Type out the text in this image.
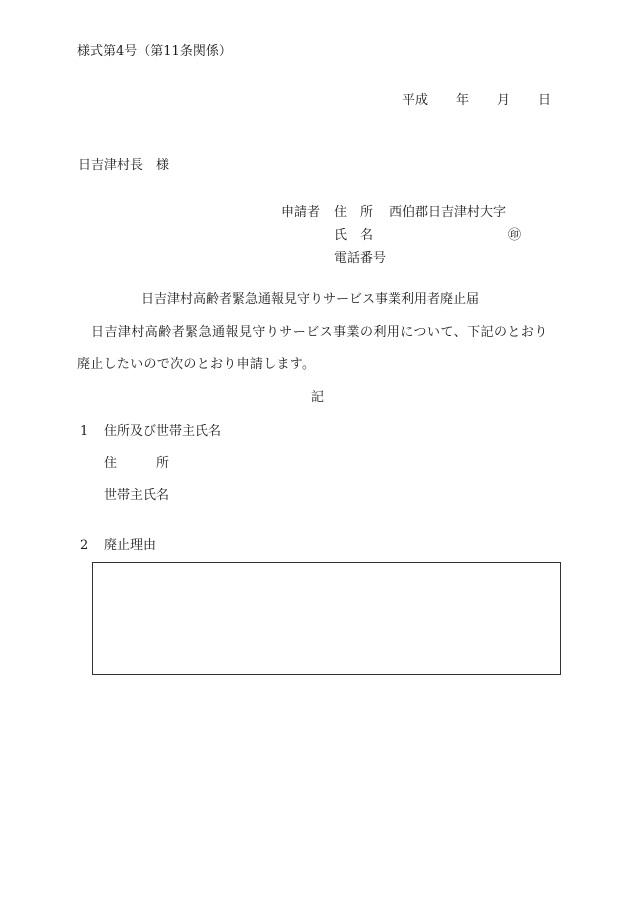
様式第4号（第11条関係）
平成 年 月 日
日吉津村長　様
申請者 住　所 西伯郡日吉津村大字
氏　名	㊞
電話番号
日吉津村高齢者緊急通報見守りサービス事業利用者廃止届
日吉津村高齢者緊急通報見守りサービス事業の利用について、下記のとおり
廃止したいので次のとおり申請します。
記
1 住所及び世帯主氏名
住　　　所
世帯主氏名
2 廃止理由
